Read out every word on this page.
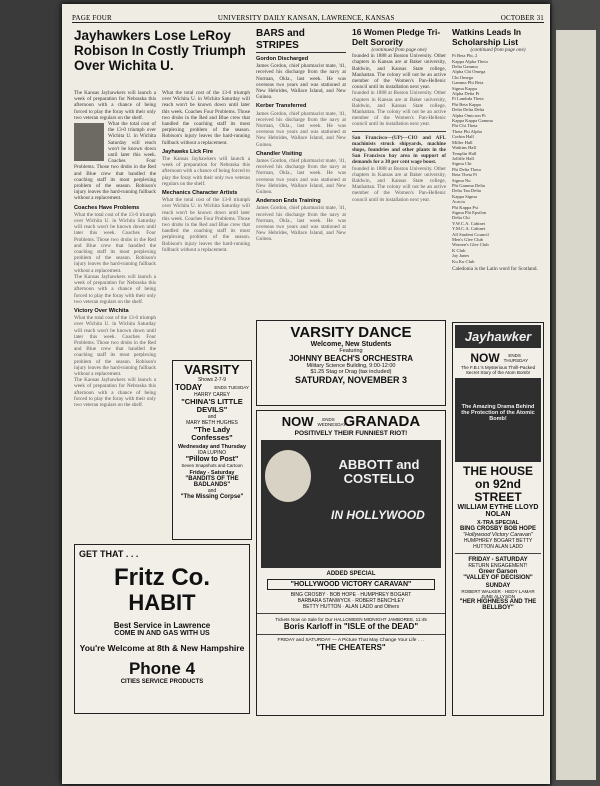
PAGE FOUR	UNIVERSITY DAILY KANSAN, LAWRENCE, KANSAS	OCTOBER 31
Jayhawkers Lose LeRoy Robison In Costly Triumph Over Wichita U.
The Kansas Jayhawkers will launch a week of preparation for Nebraska this afternoon with a chance of being forced to play the foray with their only two veteran regulars on the shelf.
What the total cost of the 13-0 triumph over Wichita U. in Wichita Saturday will reach won't be known down until later this week. Coaches Four Problems. Those two drubs in the Red and Blue crew that handled the coaching staff its most perplexing problem of the season. Robison's injury leaves the hard-running fullback without a replacement.
Coaches Have Problems
What the total cost of the 13-0 triumph over Wichita U. in Wichita Saturday will reach won't be known down until later this week. Coaches Four Problems. Those two drubs in the Red and Blue crew that handled the coaching staff its most perplexing problem of the season. Robison's injury leaves the hard-running fullback without a replacement.
The Kansas Jayhawkers will launch a week of preparation for Nebraska this afternoon with a chance of being forced to play the foray with their only two veteran regulars on the shelf.
Victory Over Wichita
What the total cost of the 13-0 triumph over Wichita U. in Wichita Saturday will reach won't be known down until later this week. Coaches Four Problems. Those two drubs in the Red and Blue crew that handled the coaching staff its most perplexing problem of the season. Robison's injury leaves the hard-running fullback without a replacement.
The Kansas Jayhawkers will launch a week of preparation for Nebraska this afternoon with a chance of being forced to play the foray with their only two veteran regulars on the shelf.
What the total cost of the 13-0 triumph over Wichita U. in Wichita Saturday will reach won't be known down until later this week. Coaches Four Problems. Those two drubs in the Red and Blue crew that handled the coaching staff its most perplexing problem of the season. Robison's injury leaves the hard-running fullback without a replacement.
Jayhawks Lick Fire
The Kansas Jayhawkers will launch a week of preparation for Nebraska this afternoon with a chance of being forced to play the foray with their only two veteran regulars on the shelf.
Mechanics Character Artists
What the total cost of the 13-0 triumph over Wichita U. in Wichita Saturday will reach won't be known down until later this week. Coaches Four Problems. Those two drubs in the Red and Blue crew that handled the coaching staff its most perplexing problem of the season. Robison's injury leaves the hard-running fullback without a replacement.
BARS and STRIPES
Gordon Discharged
James Gordon, chief pharmacist mate, '41, received his discharge from the navy at Norman, Okla., last week. He was overseas two years and was stationed at New Hebrides, Wallace Island, and New Guinea.
Kerber Transferred
James Gordon, chief pharmacist mate, '41, received his discharge from the navy at Norman, Okla., last week. He was overseas two years and was stationed at New Hebrides, Wallace Island, and New Guinea.
Chandler Visiting
James Gordon, chief pharmacist mate, '41, received his discharge from the navy at Norman, Okla., last week. He was overseas two years and was stationed at New Hebrides, Wallace Island, and New Guinea.
Anderson Ends Training
James Gordon, chief pharmacist mate, '41, received his discharge from the navy at Norman, Okla., last week. He was overseas two years and was stationed at New Hebrides, Wallace Island, and New Guinea.
16 Women Pledge Tri-Delt Sorority
(continued from page one)
founded in 1888 at Boston University. Other chapters in Kansas are at Baker university, Baldwin, and Kansas State college, Manhattan. The colony will not be an active member of the Women's Pan-Hellenic council until its installation next year.
founded in 1888 at Boston University. Other chapters in Kansas are at Baker university, Baldwin, and Kansas State college, Manhattan. The colony will not be an active member of the Women's Pan-Hellenic council until its installation next year.
San Francisco—(UP)—CIO and AFL machinists struck shipyards, machine shops, foundries and other plants in the San Francisco bay area in support of demands for a 30 per cent wage boost.
founded in 1888 at Boston University. Other chapters in Kansas are at Baker university, Baldwin, and Kansas State college, Manhattan. The colony will not be an active member of the Women's Pan-Hellenic council until its installation next year.
Watkins Leads In Scholarship List
(continued from page one)
Pi Beta Phi, 2
Kappa Alpha Theta
Delta Gamma
Alpha Chi Omega
Chi Omega
Gamma Phi Beta
Sigma Kappa
Alpha Delta Pi
Pi Lambda Theta
Phi Beta Kappa
Delta Delta Delta
Alpha Omicron Pi
Kappa Kappa Gamma
Phi Chi Theta
Theta Phi Alpha
Corbin Hall
Miller Hall
Watkins Hall
Templin Hall
Jolliffe Hall
Sigma Chi
Phi Delta Theta
Beta Theta Pi
Sigma Nu
Phi Gamma Delta
Delta Tau Delta
Kappa Sigma
Acacia
Phi Kappa Psi
Sigma Phi Epsilon
Delta Chi
Y.W.C.A. Cabinet
Y.M.C.A. Cabinet
All Student Council
Men's Glee Club
Women's Glee Club
K Club
Jay Janes
Ku Ku Club
Caledonia is the Latin word for Scotland.
VARSITY DANCE
Welcome, New Students
Featuring
JOHNNY BEACH'S ORCHESTRA
Military Science Building, 9:00-12:00
$1.25 Stag or Drag (tax included)
SATURDAY, NOVEMBER 3
VARSITY
Shows 2-7-9
TODAY	ENDS TUESDAY
HARRY CAREY
"CHINA'S LITTLE DEVILS"
and
MARY BETH HUGHES
"The Lady Confesses"
Wednesday and Thursday
IDA LUPINO
"Pillow to Post"
Seven Snapshots and Cartoon
Friday - Saturday
"BANDITS OF THE BADLANDS"
and
"The Missing Corpse"
NOW	ENDS WEDNESDAY
GRANADA
POSITIVELY THEIR FUNNIEST RIOT!
ABBOTT and COSTELLO
IN HOLLYWOOD
ADDED SPECIAL
"HOLLYWOOD VICTORY CARAVAN"
BING CROSBY · BOB HOPE · HUMPHREY BOGART
BARBARA STANWYCK · ROBERT BENCHLEY
BETTY HUTTON · ALAN LADD and Others
Tickets Now on Sale for Our HALLOWEEN MIDNIGHT JAMBOREE, 11:45
Boris Karloff in "ISLE of the DEAD"
FRIDAY and SATURDAY — A Picture That May Change Your Life . . .
"THE CHEATERS"
GET THAT . . .
Fritz Co.
HABIT
Best Service in Lawrence
COME IN AND GAS WITH US
You're Welcome at 8th & New Hampshire
Phone 4
CITIES SERVICE PRODUCTS
Jayhawker
NOW	ENDS THURSDAY
The F.B.I.'s Mysterious Thrill-Packed Secret Story of the Atom Bomb!
The Amazing Drama Behind the Protection of the Atomic Bomb!
THE HOUSE on 92nd STREET
WILLIAM EYTHE LLOYD NOLAN
X-TRA SPECIAL
BING CROSBY BOB HOPE
"Hollywood Victory Caravan"
HUMPHREY BOGART BETTY HUTTON ALAN LADD
FRIDAY - SATURDAY
RETURN ENGAGEMENT!
Greer Garson
"VALLEY OF DECISION"
SUNDAY
ROBERT WALKER · HEDY LAMAR JUNE ALLYSON
"HER HIGHNESS AND THE BELLBOY"
